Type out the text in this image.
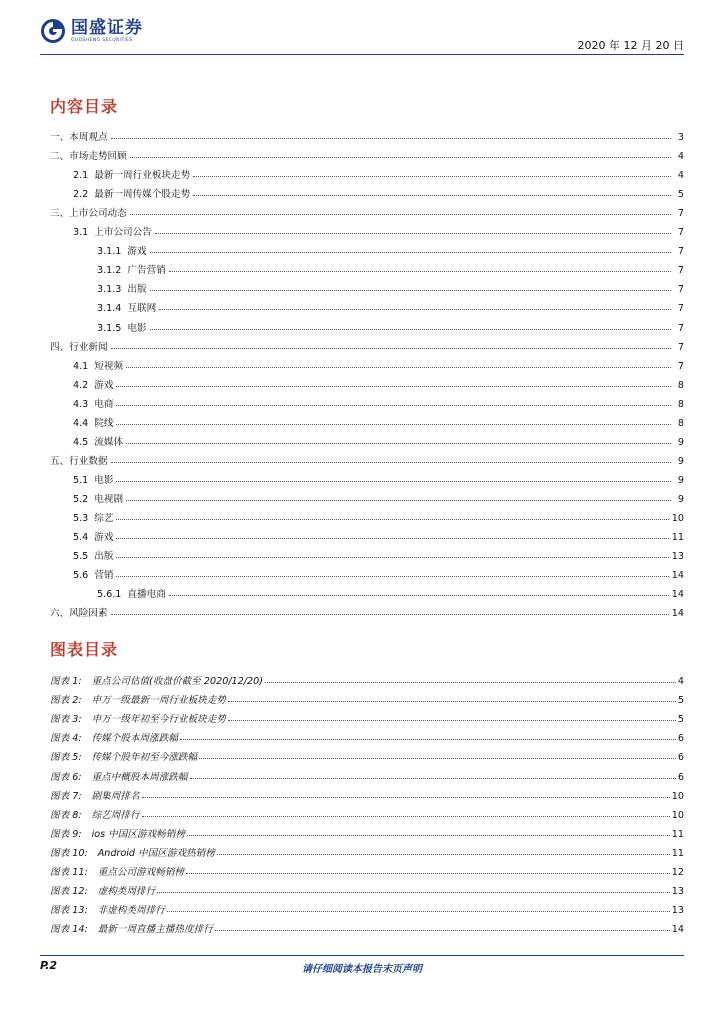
国盛证券
GUOSHENG SECURITIES	2020 年 12 月 20 日
内容目录
一、本周观点	3
二、市场走势回顾	4
2.1 最新一周行业板块走势	4
2.2 最新一周传媒个股走势	5
三、上市公司动态	7
3.1 上市公司公告	7
3.1.1 游戏	7
3.1.2 广告营销	7
3.1.3 出版	7
3.1.4 互联网	7
3.1.5 电影	7
四、行业新闻	7
4.1 短视频	7
4.2 游戏	8
4.3 电商	8
4.4 院线	8
4.5 流媒体	9
五、行业数据	9
5.1 电影	9
5.2 电视剧	9
5.3 综艺	10
5.4 游戏	11
5.5 出版	13
5.6 营销	14
5.6.1 直播电商	14
六、风险因素	14
图表目录
图表 1: 重点公司估值(收盘价截至 2020/12/20)	4
图表 2: 申万一级最新一周行业板块走势	5
图表 3: 申万一级年初至今行业板块走势	5
图表 4: 传媒个股本周涨跌幅	6
图表 5: 传媒个股年初至今涨跌幅	6
图表 6: 重点中概股本周涨跌幅	6
图表 7: 剧集周排名	10
图表 8: 综艺周排行	10
图表 9: ios 中国区游戏畅销榜	11
图表 10: Android 中国区游戏热销榜	11
图表 11: 重点公司游戏畅销榜	12
图表 12: 虚构类周排行	13
图表 13: 非虚构类周排行	13
图表 14: 最新一周直播主播热度排行	14
P.2	请仔细阅读本报告末页声明
